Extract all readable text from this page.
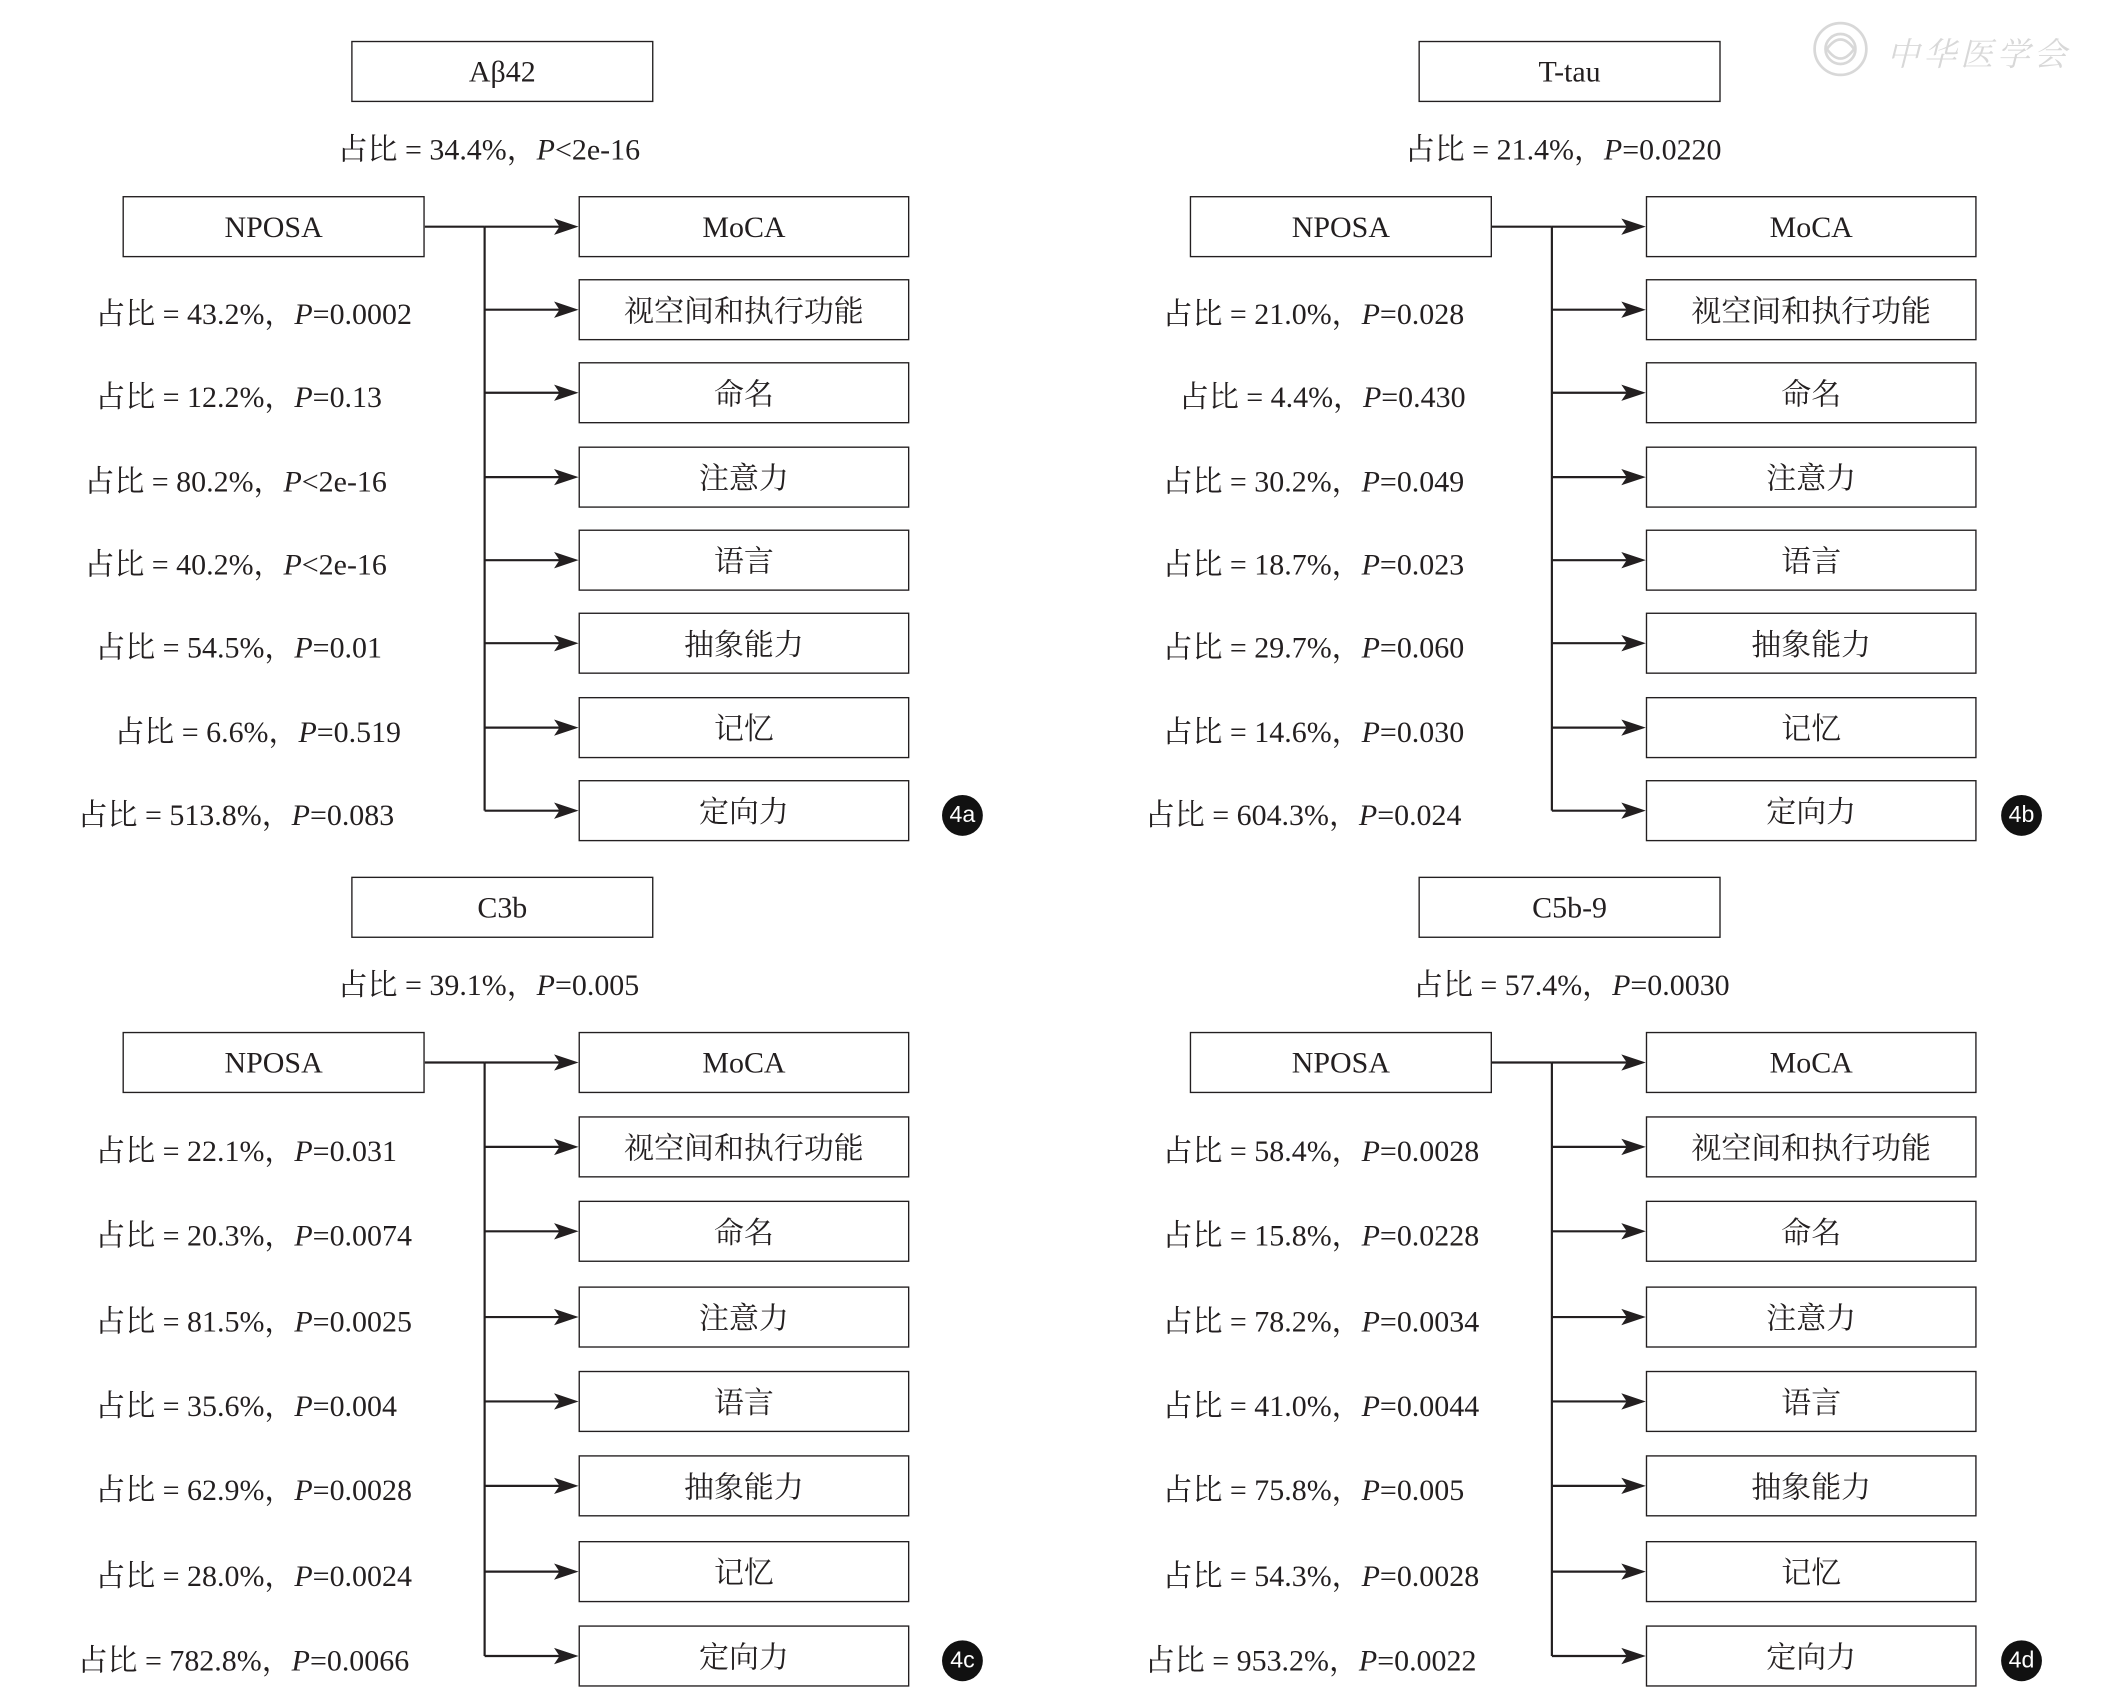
中华医学会
Aβ42
占比 = 34.4%，P<2e-16
NPOSA	MoCA
视空间和执行功能
命名
注意力
语言
抽象能力
记忆
定向力
占比 = 43.2%，P=0.0002
占比 = 12.2%，P=0.13
占比 = 80.2%，P<2e-16
占比 = 40.2%，P<2e-16
占比 = 54.5%，P=0.01
占比 = 6.6%，P=0.519
占比 = 513.8%，P=0.083	4a
T-tau
占比 = 21.4%，P=0.0220
NPOSA	MoCA
视空间和执行功能
命名
注意力
语言
抽象能力
记忆
定向力
占比 = 21.0%，P=0.028
占比 = 4.4%，P=0.430
占比 = 30.2%，P=0.049
占比 = 18.7%，P=0.023
占比 = 29.7%，P=0.060
占比 = 14.6%，P=0.030
占比 = 604.3%，P=0.024	4b
C3b
占比 = 39.1%，P=0.005
NPOSA	MoCA
视空间和执行功能
命名
注意力
语言
抽象能力
记忆
定向力
占比 = 22.1%，P=0.031
占比 = 20.3%，P=0.0074
占比 = 81.5%，P=0.0025
占比 = 35.6%，P=0.004
占比 = 62.9%，P=0.0028
占比 = 28.0%，P=0.0024
占比 = 782.8%，P=0.0066	4c
C5b-9
占比 = 57.4%，P=0.0030
NPOSA	MoCA
视空间和执行功能
命名
注意力
语言
抽象能力
记忆
定向力
占比 = 58.4%，P=0.0028
占比 = 15.8%，P=0.0228
占比 = 78.2%，P=0.0034
占比 = 41.0%，P=0.0044
占比 = 75.8%，P=0.005
占比 = 54.3%，P=0.0028
占比 = 953.2%，P=0.0022	4d
